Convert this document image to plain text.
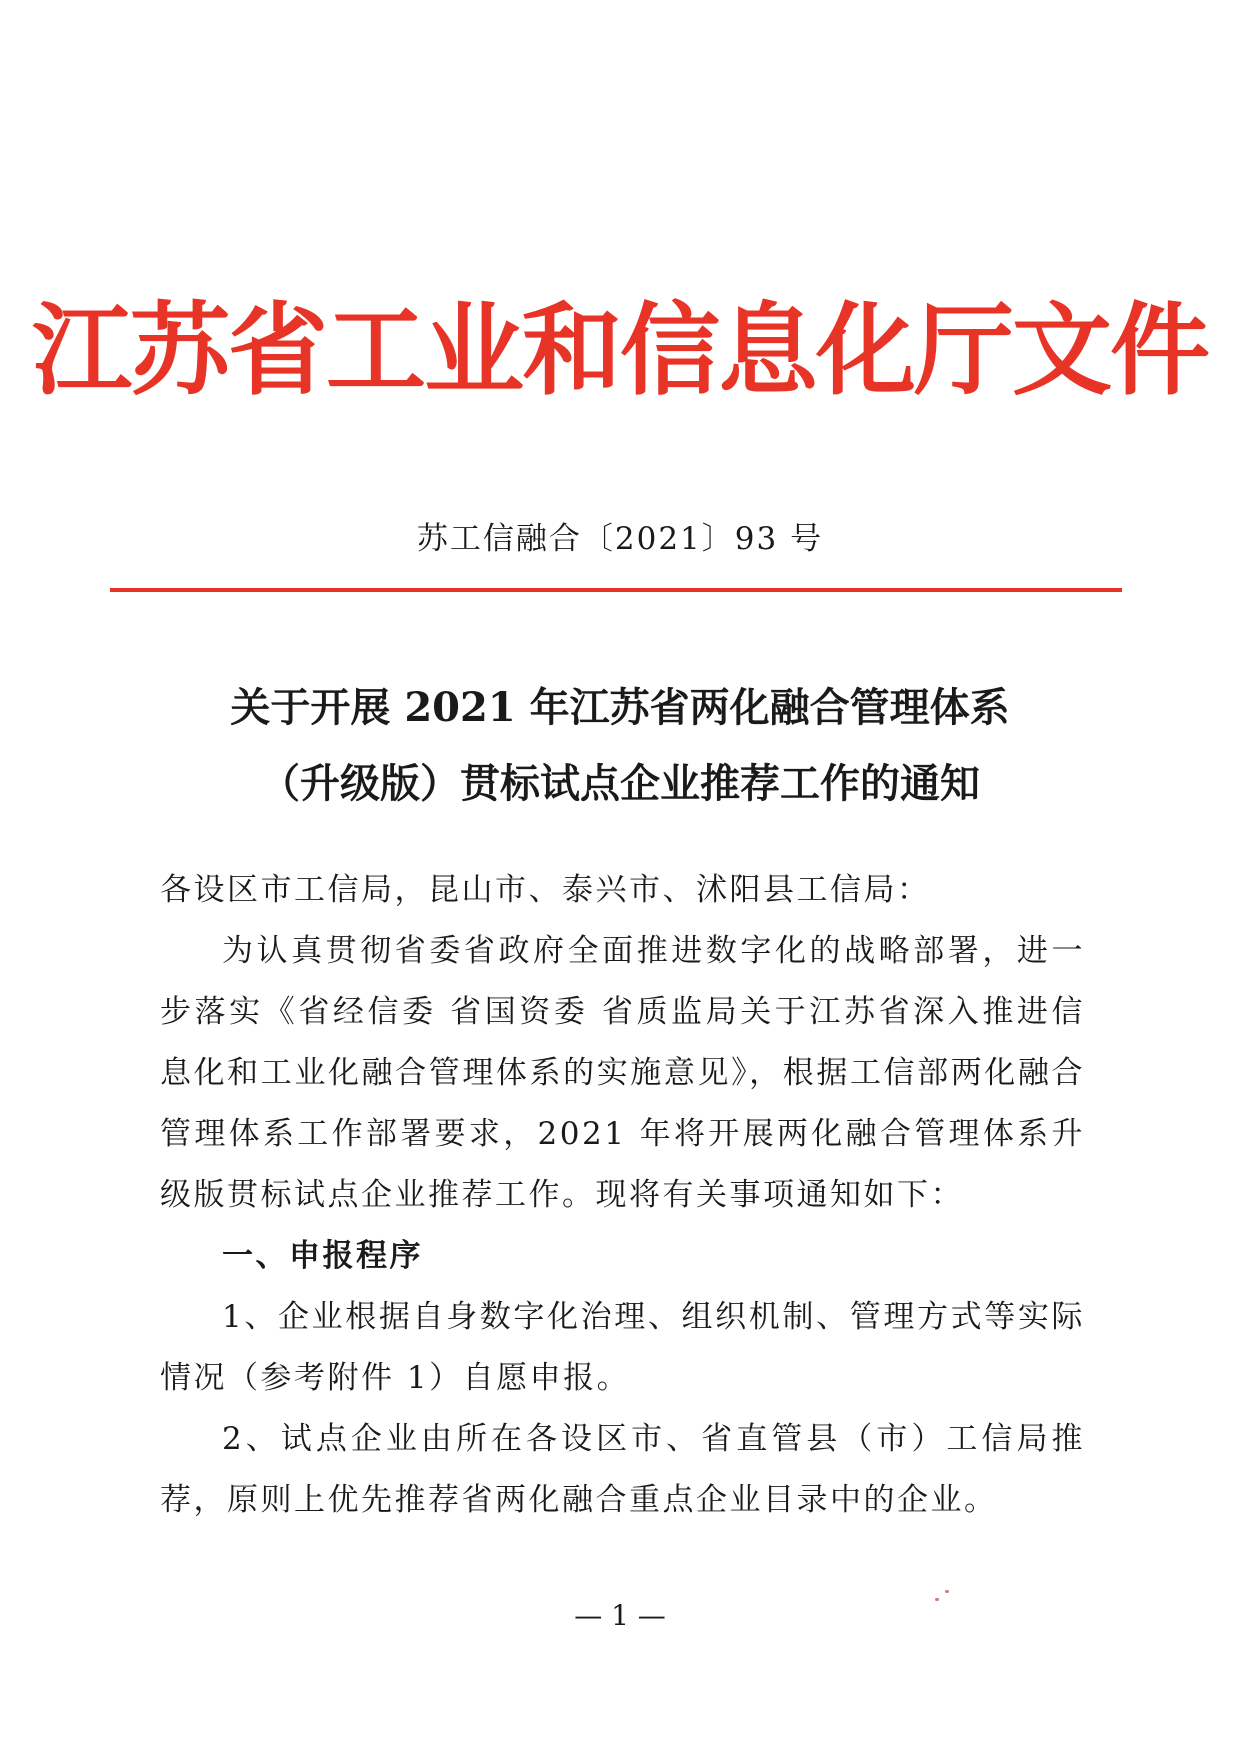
江苏省工业和信息化厅文件
苏工信融合〔2021〕93 号
关于开展 2021 年江苏省两化融合管理体系
（升级版）贯标试点企业推荐工作的通知

各设区市工信局，昆山市、泰兴市、沭阳县工信局：

为认真贯彻省委省政府全面推进数字化的战略部署，进一步落实《省经信委 省国资委 省质监局关于江苏省深入推进信息化和工业化融合管理体系的实施意见》，根据工信部两化融合管理体系工作部署要求，2021 年将开展两化融合管理体系升级版贯标试点企业推荐工作。现将有关事项通知如下：

一、申报程序

1、企业根据自身数字化治理、组织机制、管理方式等实际情况（参考附件 1）自愿申报。

2、试点企业由所在各设区市、省直管县（市）工信局推荐，原则上优先推荐省两化融合重点企业目录中的企业。

— 1 —
